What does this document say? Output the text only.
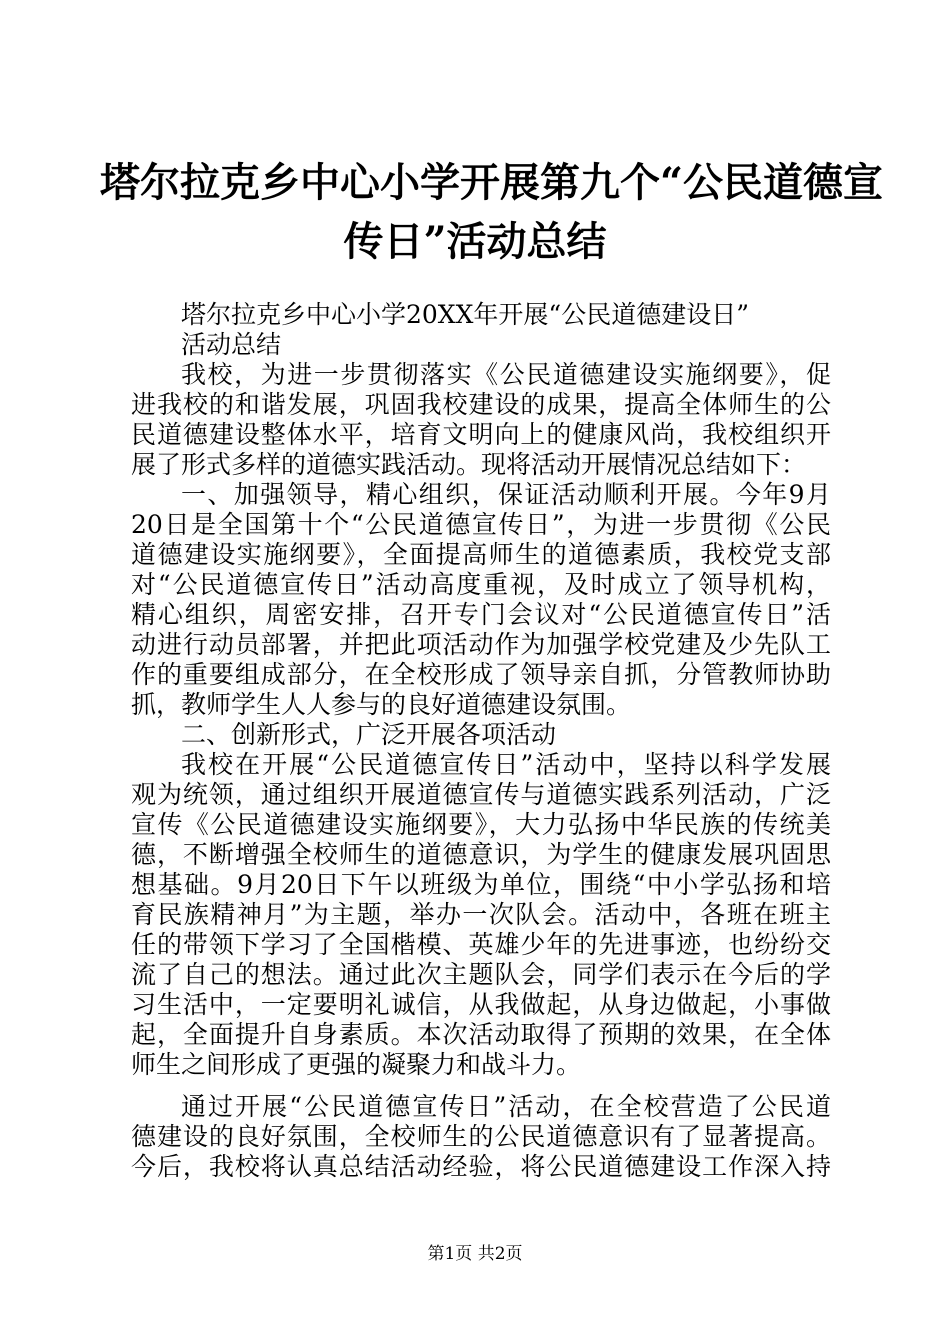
塔尔拉克乡中心小学开展第九个“公民道德宣
传日”活动总结

塔尔拉克乡中心小学20XX年开展“公民道德建设日”

活动总结

我校，为进一步贯彻落实《公民道德建设实施纲要》，促

进我校的和谐发展，巩固我校建设的成果，提高全体师生的公

民道德建设整体水平，培育文明向上的健康风尚，我校组织开

展了形式多样的道德实践活动。现将活动开展情况总结如下：

一、加强领导，精心组织，保证活动顺利开展。今年9月

20日是全国第十个“公民道德宣传日”，为进一步贯彻《公民

道德建设实施纲要》，全面提高师生的道德素质，我校党支部

对“公民道德宣传日”活动高度重视，及时成立了领导机构，

精心组织，周密安排，召开专门会议对“公民道德宣传日”活

动进行动员部署，并把此项活动作为加强学校党建及少先队工

作的重要组成部分，在全校形成了领导亲自抓，分管教师协助

抓，教师学生人人参与的良好道德建设氛围。

二、创新形式，广泛开展各项活动

我校在开展“公民道德宣传日”活动中，坚持以科学发展

观为统领，通过组织开展道德宣传与道德实践系列活动，广泛

宣传《公民道德建设实施纲要》，大力弘扬中华民族的传统美

德，不断增强全校师生的道德意识，为学生的健康发展巩固思

想基础。9月20日下午以班级为单位，围绕“中小学弘扬和培

育民族精神月”为主题，举办一次队会。活动中，各班在班主

任的带领下学习了全国楷模、英雄少年的先进事迹，也纷纷交

流了自己的想法。通过此次主题队会，同学们表示在今后的学

习生活中，一定要明礼诚信，从我做起，从身边做起，小事做

起，全面提升自身素质。本次活动取得了预期的效果，在全体

师生之间形成了更强的凝聚力和战斗力。

通过开展“公民道德宣传日”活动，在全校营造了公民道

德建设的良好氛围，全校师生的公民道德意识有了显著提高。

今后，我校将认真总结活动经验，将公民道德建设工作深入持

第1页 共2页
